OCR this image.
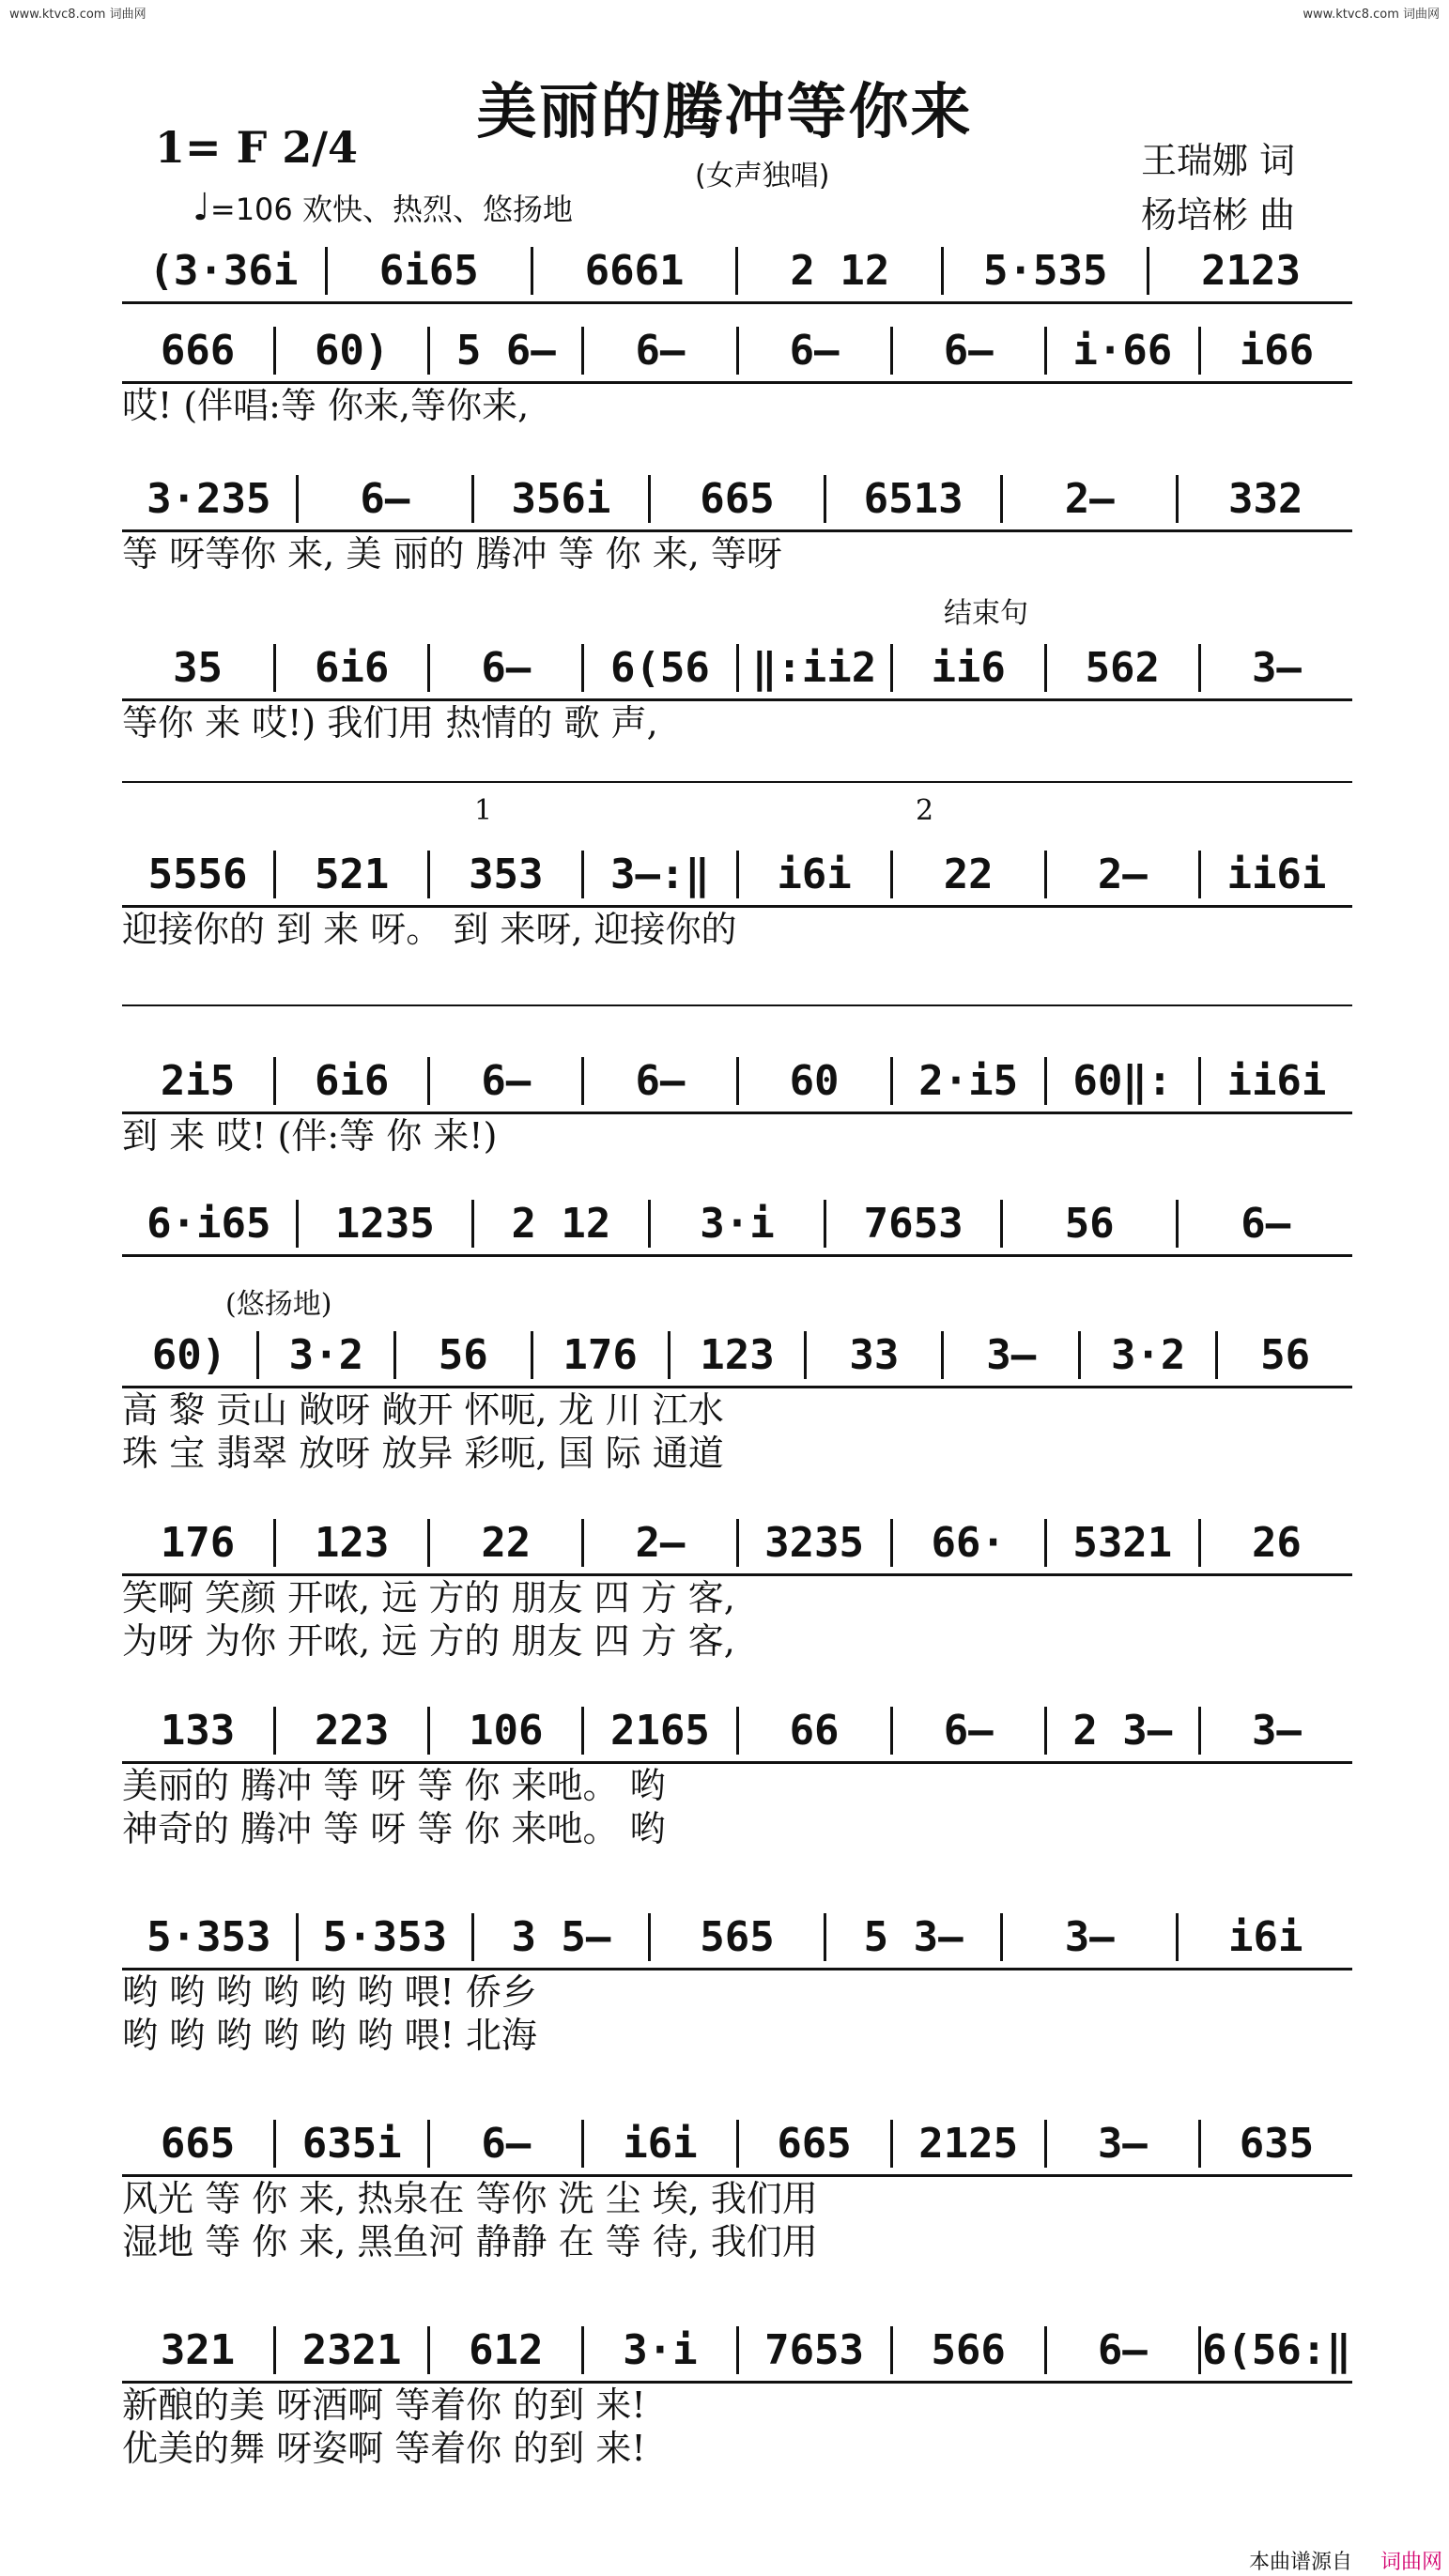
www.ktvc8.com 词曲网	www.ktvc8.com 词曲网
美丽的腾冲等你来
1= F 2/4
♩=106 欢快、热烈、悠扬地
(女声独唱)	王瑞娜 词
杨培彬 曲
(3·36i	6i65	6661	2 12	5·535	2123
666	60)	5 6—	6—	6—	6—	i·66	i66
哎! (伴唱:等 你来,等你来,
3·235	6—	356i	665	6513	2—	332
等 呀等你 来, 美 丽的 腾冲 等 你 来, 等呀
35	6i6	6—	6(56	‖:ii2	ii6	562	3—
等你 来 哎!) 我们用 热情的 歌 声,
5556	521	353	3—:‖	i6i	22	2—	ii6i
迎接你的 到 来 呀。 到 来呀, 迎接你的
2i5	6i6	6—	6—	60	2·i5	60‖:	ii6i
到 来 哎! (伴:等 你 来!)
6·i65	1235	2 12	3·i	7653	56	6—
60)	3·2	56	176	123	33	3—	3·2	56
高 黎 贡山 敞呀 敞开 怀呃, 龙 川 江水
珠 宝 翡翠 放呀 放异 彩呃, 国 际 通道
176	123	22	2—	3235	66·	5321	26
笑啊 笑颜 开哝, 远 方的 朋友 四 方 客,
为呀 为你 开哝, 远 方的 朋友 四 方 客,
133	223	106	2165	66	6—	2 3—	3—
美丽的 腾冲 等 呀 等 你 来吔。 哟
神奇的 腾冲 等 呀 等 你 来吔。 哟
5·353	5·353	3 5—	565	5 3—	3—	i6i
哟 哟 哟 哟 哟 哟 喂! 侨乡
哟 哟 哟 哟 哟 哟 喂! 北海
665	635i	6—	i6i	665	2125	3—	635
风光 等 你 来, 热泉在 等你 洗 尘 埃, 我们用
湿地 等 你 来, 黑鱼河 静静 在 等 待, 我们用
321	2321	612	3·i	7653	566	6—	6(56:‖
新酿的美 呀酒啊 等着你 的到 来!
优美的舞 呀姿啊 等着你 的到 来!
结束句
1	2
(悠扬地)
本曲谱源自 词曲网
